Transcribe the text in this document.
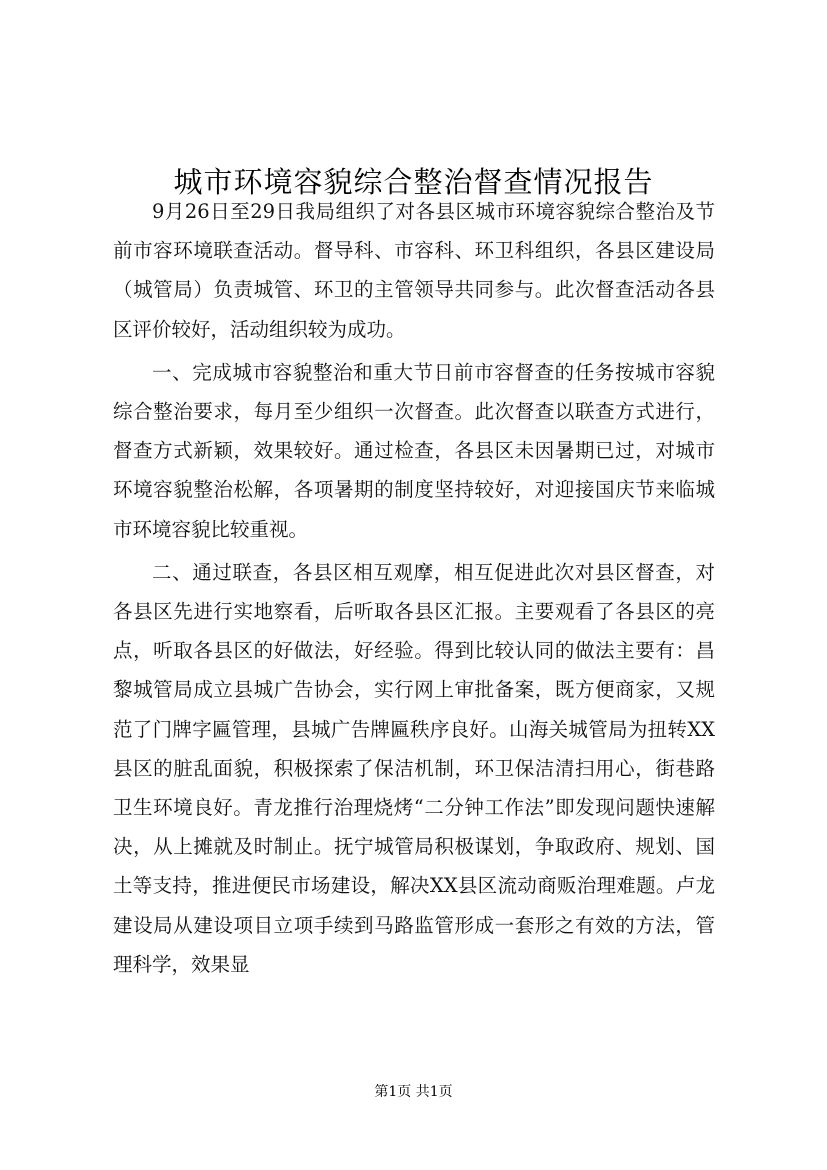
城市环境容貌综合整治督查情况报告

9月26日至29日我局组织了对各县区城市环境容貌综合整治及节前市容环境联查活动。督导科、市容科、环卫科组织，各县区建设局（城管局）负责城管、环卫的主管领导共同参与。此次督查活动各县区评价较好，活动组织较为成功。

一、完成城市容貌整治和重大节日前市容督查的任务按城市容貌综合整治要求，每月至少组织一次督查。此次督查以联查方式进行，督查方式新颖，效果较好。通过检查，各县区未因暑期已过，对城市环境容貌整治松解，各项暑期的制度坚持较好，对迎接国庆节来临城市环境容貌比较重视。

二、通过联查，各县区相互观摩，相互促进此次对县区督查，对各县区先进行实地察看，后听取各县区汇报。主要观看了各县区的亮点，听取各县区的好做法，好经验。得到比较认同的做法主要有：昌黎城管局成立县城广告协会，实行网上审批备案，既方便商家，又规范了门牌字匾管理，县城广告牌匾秩序良好。山海关城管局为扭转XX县区的脏乱面貌，积极探索了保洁机制，环卫保洁清扫用心，街巷路卫生环境良好。青龙推行治理烧烤“二分钟工作法”即发现问题快速解决，从上摊就及时制止。抚宁城管局积极谋划，争取政府、规划、国土等支持，推进便民市场建设，解决XX县区流动商贩治理难题。卢龙建设局从建设项目立项手续到马路监管形成一套形之有效的方法，管理科学，效果显

第1页 共1页
